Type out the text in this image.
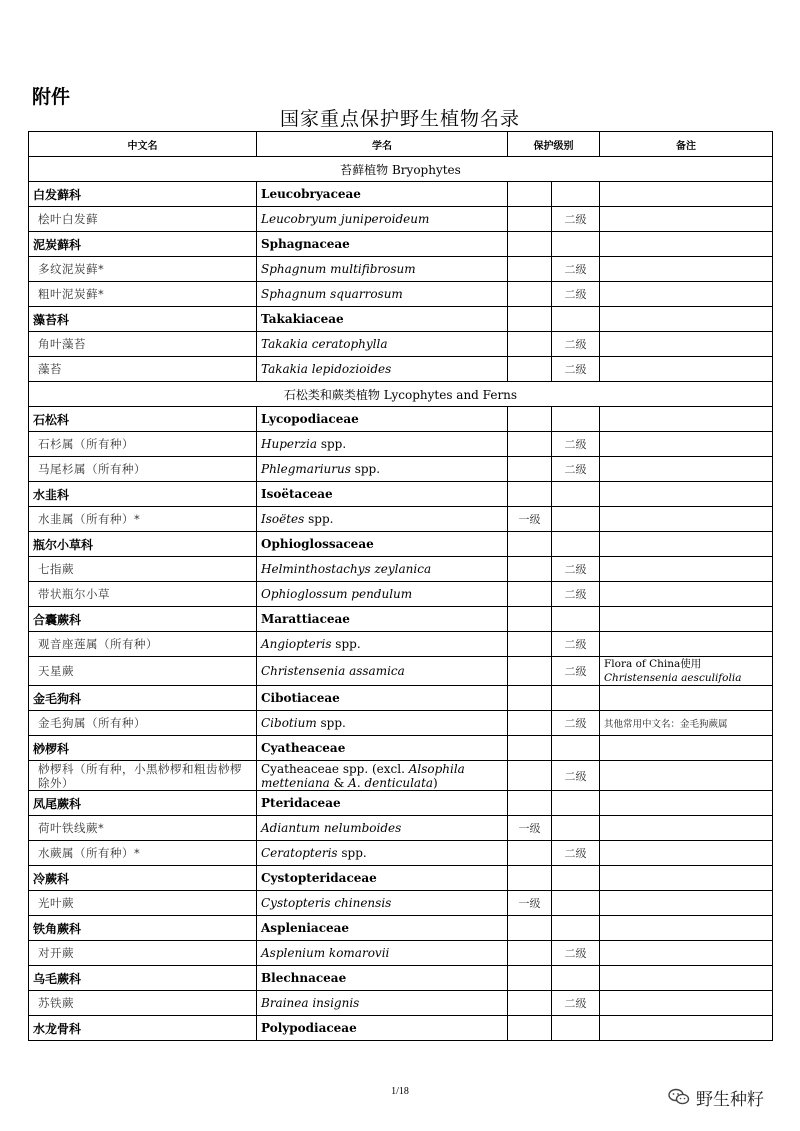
附件
国家重点保护野生植物名录
中文名	学名	保护级别		备注
苔藓植物 Bryophytes				
白发藓科	Leucobryaceae			
桧叶白发藓	Leucobryum juniperoideum		二级	
泥炭藓科	Sphagnaceae			
多纹泥炭藓*	Sphagnum multifibrosum		二级	
粗叶泥炭藓*	Sphagnum squarrosum		二级	
藻苔科	Takakiaceae			
角叶藻苔	Takakia ceratophylla		二级	
藻苔	Takakia lepidozioides		二级	
石松类和蕨类植物 Lycophytes and Ferns				
石松科	Lycopodiaceae			
石杉属（所有种）	Huperzia spp.		二级	
马尾杉属（所有种）	Phlegmariurus spp.		二级	
水韭科	Isoëtaceae			
水韭属（所有种）*	Isoëtes spp.	一级		
瓶尔小草科	Ophioglossaceae			
七指蕨	Helminthostachys zeylanica		二级	
带状瓶尔小草	Ophioglossum pendulum		二级	
合囊蕨科	Marattiaceae			
观音座莲属（所有种）	Angiopteris spp.		二级	
天星蕨	Christensenia assamica		二级	Flora of China使用Christensenia aesculifolia
金毛狗科	Cibotiaceae			
金毛狗属（所有种）	Cibotium spp.		二级	其他常用中文名：金毛狗蕨属
桫椤科	Cyatheaceae			
桫椤科（所有种，小黑桫椤和粗齿桫椤除外）	Cyatheaceae spp. (excl. Alsophila metteniana & A. denticulata)		二级	
凤尾蕨科	Pteridaceae			
荷叶铁线蕨*	Adiantum nelumboides	一级		
水蕨属（所有种）*	Ceratopteris spp.		二级	
冷蕨科	Cystopteridaceae			
光叶蕨	Cystopteris chinensis	一级		
铁角蕨科	Aspleniaceae			
对开蕨	Asplenium komarovii		二级	
乌毛蕨科	Blechnaceae			
苏铁蕨	Brainea insignis		二级	
水龙骨科	Polypodiaceae			
1/18	野生种籽
